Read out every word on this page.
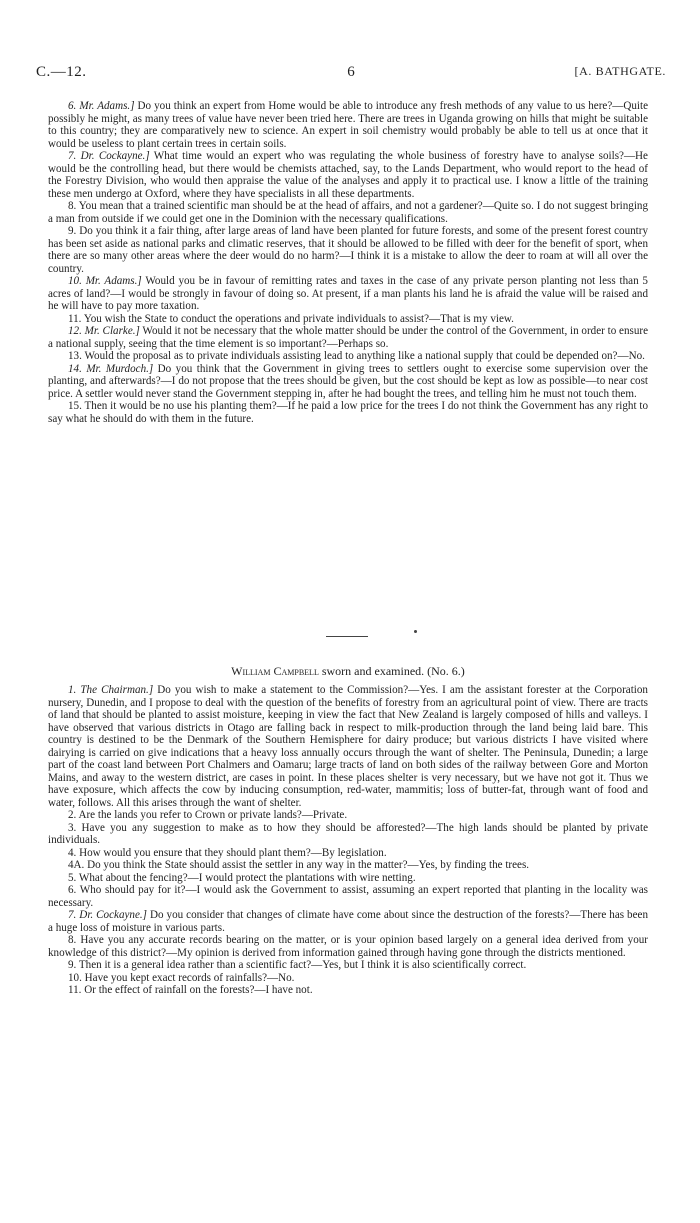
C.—12.	6	[A. BATHGATE.

6. Mr. Adams.] Do you think an expert from Home would be able to introduce any fresh methods of any value to us here?—Quite possibly he might, as many trees of value have never been tried here. There are trees in Uganda growing on hills that might be suitable to this country; they are comparatively new to science. An expert in soil chemistry would probably be able to tell us at once that it would be useless to plant certain trees in certain soils.

7. Dr. Cockayne.] What time would an expert who was regulating the whole business of forestry have to analyse soils?—He would be the controlling head, but there would be chemists attached, say, to the Lands Department, who would report to the head of the Forestry Division, who would then appraise the value of the analyses and apply it to practical use. I know a little of the training these men undergo at Oxford, where they have specialists in all these departments.

8. You mean that a trained scientific man should be at the head of affairs, and not a gardener?—Quite so. I do not suggest bringing a man from outside if we could get one in the Dominion with the necessary qualifications.

9. Do you think it a fair thing, after large areas of land have been planted for future forests, and some of the present forest country has been set aside as national parks and climatic reserves, that it should be allowed to be filled with deer for the benefit of sport, when there are so many other areas where the deer would do no harm?—I think it is a mistake to allow the deer to roam at will all over the country.

10. Mr. Adams.] Would you be in favour of remitting rates and taxes in the case of any private person planting not less than 5 acres of land?—I would be strongly in favour of doing so. At present, if a man plants his land he is afraid the value will be raised and he will have to pay more taxation.

11. You wish the State to conduct the operations and private individuals to assist?—That is my view.

12. Mr. Clarke.] Would it not be necessary that the whole matter should be under the control of the Government, in order to ensure a national supply, seeing that the time element is so important?—Perhaps so.

13. Would the proposal as to private individuals assisting lead to anything like a national supply that could be depended on?—No.

14. Mr. Murdoch.] Do you think that the Government in giving trees to settlers ought to exercise some supervision over the planting, and afterwards?—I do not propose that the trees should be given, but the cost should be kept as low as possible—to near cost price. A settler would never stand the Government stepping in, after he had bought the trees, and telling him he must not touch them.

15. Then it would be no use his planting them?—If he paid a low price for the trees I do not think the Government has any right to say what he should do with them in the future.

William Campbell sworn and examined. (No. 6.)

1. The Chairman.] Do you wish to make a statement to the Commission?—Yes. I am the assistant forester at the Corporation nursery, Dunedin, and I propose to deal with the question of the benefits of forestry from an agricultural point of view. There are tracts of land that should be planted to assist moisture, keeping in view the fact that New Zealand is largely composed of hills and valleys. I have observed that various districts in Otago are falling back in respect to milk-production through the land being laid bare. This country is destined to be the Denmark of the Southern Hemisphere for dairy produce; but various districts I have visited where dairying is carried on give indications that a heavy loss annually occurs through the want of shelter. The Peninsula, Dunedin; a large part of the coast land between Port Chalmers and Oamaru; large tracts of land on both sides of the railway between Gore and Morton Mains, and away to the western district, are cases in point. In these places shelter is very necessary, but we have not got it. Thus we have exposure, which affects the cow by inducing consumption, red-water, mammitis; loss of butter-fat, through want of food and water, follows. All this arises through the want of shelter.

2. Are the lands you refer to Crown or private lands?—Private.

3. Have you any suggestion to make as to how they should be afforested?—The high lands should be planted by private individuals.

4. How would you ensure that they should plant them?—By legislation.

4A. Do you think the State should assist the settler in any way in the matter?—Yes, by finding the trees.

5. What about the fencing?—I would protect the plantations with wire netting.

6. Who should pay for it?—I would ask the Government to assist, assuming an expert reported that planting in the locality was necessary.

7. Dr. Cockayne.] Do you consider that changes of climate have come about since the destruction of the forests?—There has been a huge loss of moisture in various parts.

8. Have you any accurate records bearing on the matter, or is your opinion based largely on a general idea derived from your knowledge of this district?—My opinion is derived from information gained through having gone through the districts mentioned.

9. Then it is a general idea rather than a scientific fact?—Yes, but I think it is also scientifically correct.

10. Have you kept exact records of rainfalls?—No.

11. Or the effect of rainfall on the forests?—I have not.
